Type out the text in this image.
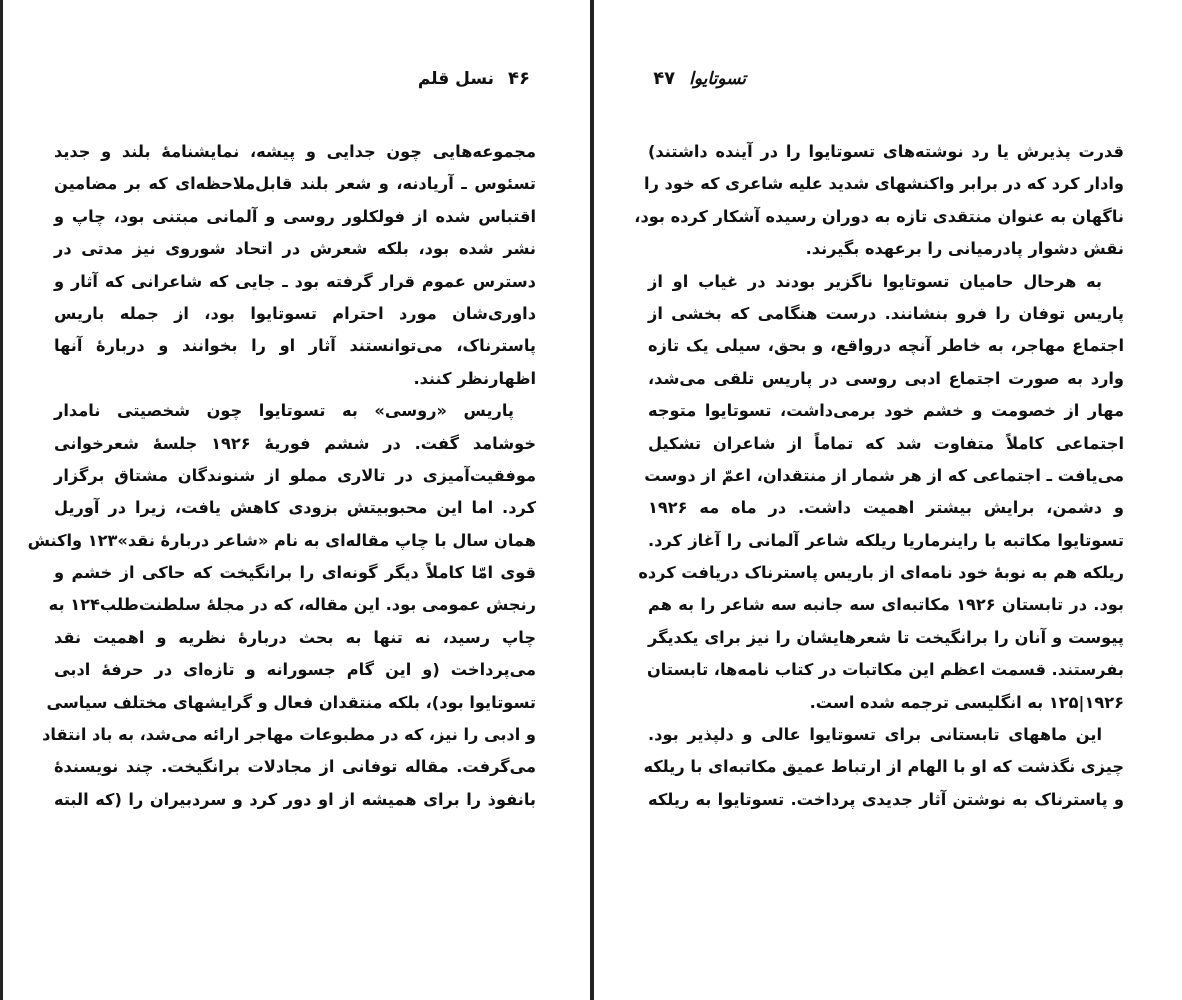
۴۶
نسل قلم
مجموعه‌هایی چون جدایی و پیشه، نمایشنامهٔ بلند و جدید
تسئوس ـ آریادنه، و شعر بلند قابل‌ملاحظه‌ای که بر مضامین
اقتباس شده از فولکلور روسی و آلمانی مبتنی بود، چاپ و
نشر شده بود، بلکه شعرش در اتحاد شوروی نیز مدتی در
دسترس عموم قرار گرفته بود ـ جایی که شاعرانی که آثار و
داوری‌شان مورد احترام تسوتایوا بود، از جمله باریس
پاسترناک، می‌توانستند آثار او را بخوانند و دربارهٔ آنها
اظهارنظر کنند.
پاریس «روسی» به تسوتایوا چون شخصیتی نامدار
خوشامد گفت. در ششم فوریهٔ ۱۹۲۶ جلسهٔ شعرخوانی
موفقیت‌آمیزی در تالاری مملو از شنوندگان مشتاق برگزار
کرد. اما این محبوبیتش بزودی کاهش یافت، زیرا در آوریل
همان سال با چاپ مقاله‌ای به نام «شاعر دربارهٔ نقد»۱۲۳ واکنش
قوی امّا کاملاً دیگر گونه‌ای را برانگیخت که حاکی از خشم و
رنجش عمومی بود. این مقاله، که در مجلهٔ سلطنت‌طلب۱۲۴ به
چاپ رسید، نه تنها به بحث دربارهٔ نظریه و اهمیت نقد
می‌پرداخت (و این گام جسورانه و تازه‌ای در حرفهٔ ادبی
تسوتایوا بود)، بلکه منتقدان فعال و گرایشهای مختلف سیاسی
و ادبی را نیز، که در مطبوعات مهاجر ارائه می‌شد، به باد انتقاد
می‌گرفت. مقاله توفانی از مجادلات برانگیخت. چند نویسندهٔ
بانفوذ را برای همیشه از او دور کرد و سردبیران را (که البته
تسوتایوا
۴۷
قدرت پذیرش یا رد نوشته‌های تسوتایوا را در آینده داشتند)
وادار کرد که در برابر واکنشهای شدید علیه شاعری که خود را
ناگهان به عنوان منتقدی تازه به دوران رسیده آشکار کرده بود،
نقش دشوار پادرمیانی را برعهده بگیرند.
به هرحال حامیان تسوتایوا ناگزیر بودند در غیاب او از
پاریس توفان را فرو بنشانند. درست هنگامی که بخشی از
اجتماع مهاجر، به خاطر آنچه درواقع، و بحق، سیلی یک تازه
وارد به صورت اجتماع ادبی روسی در پاریس تلقی می‌شد،
مهار از خصومت و خشم خود برمی‌داشت، تسوتایوا متوجه
اجتماعی کاملاً متفاوت شد که تماماً از شاعران تشکیل
می‌یافت ـ اجتماعی که از هر شمار از منتقدان، اعمّ از دوست
و دشمن، برایش بیشتر اهمیت داشت. در ماه مه ۱۹۲۶
تسوتایوا مکاتبه با راینرماریا ریلکه شاعر آلمانی را آغاز کرد.
ریلکه هم به نوبهٔ خود نامه‌ای از باریس پاسترناک دریافت کرده
بود. در تابستان ۱۹۲۶ مکاتبه‌ای سه جانبه سه شاعر را به هم
پیوست و آنان را برانگیخت تا شعرهایشان را نیز برای یکدیگر
بفرستند. قسمت اعظم این مکاتبات در کتاب نامه‌ها، تابستان
۱۹۲۶|۱۲۵ به انگلیسی ترجمه شده است.
این ماههای تابستانی برای تسوتایوا عالی و دلپذیر بود.
چیزی نگذشت که او با الهام از ارتباط عمیق مکاتبه‌ای با ریلکه
و پاسترناک به نوشتن آثار جدیدی پرداخت. تسوتایوا به ریلکه
